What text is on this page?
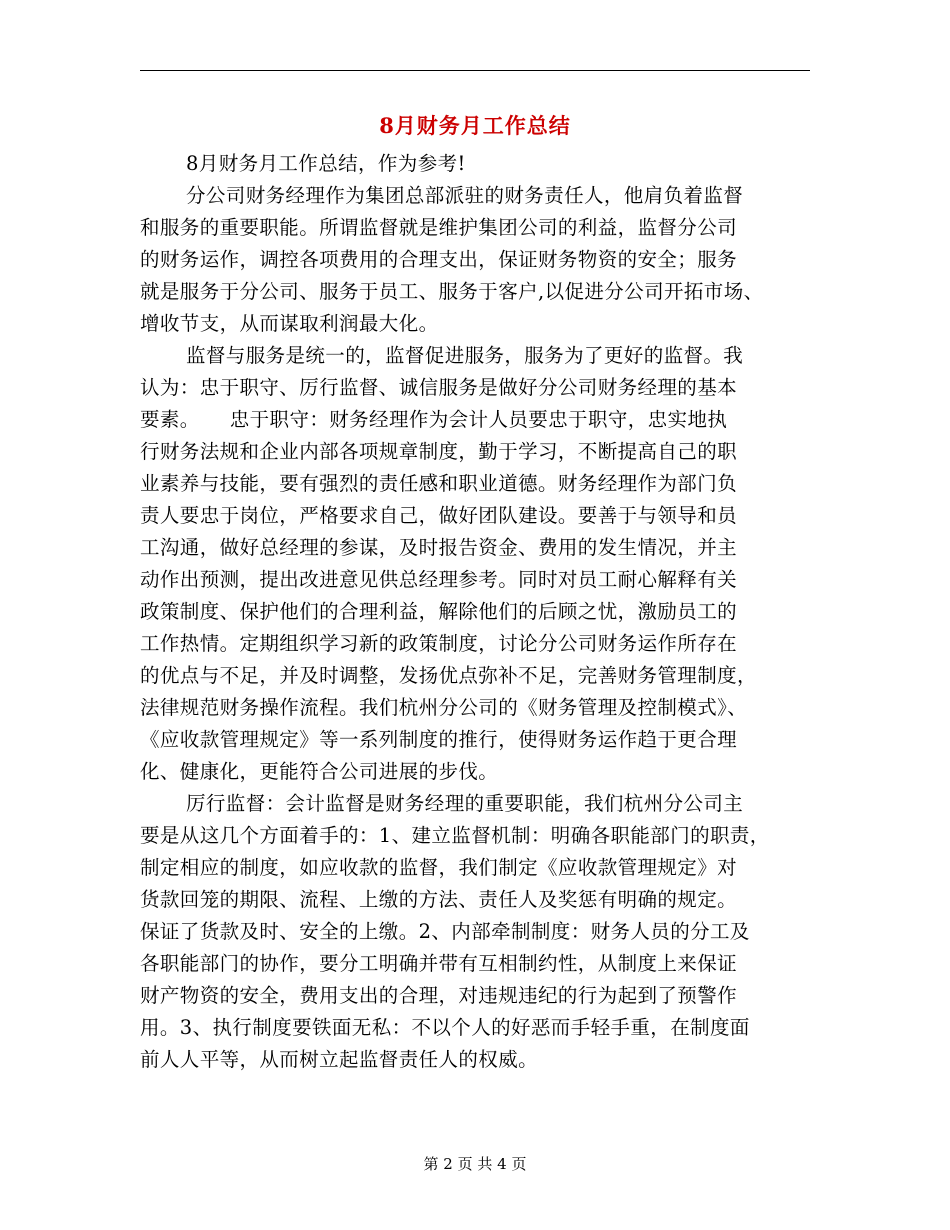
8月财务月工作总结
8月财务月工作总结，作为参考!
分公司财务经理作为集团总部派驻的财务责任人，他肩负着监督
和服务的重要职能。所谓监督就是维护集团公司的利益，监督分公司
的财务运作，调控各项费用的合理支出，保证财务物资的安全；服务
就是服务于分公司、服务于员工、服务于客户,以促进分公司开拓市场、
增收节支，从而谋取利润最大化。
监督与服务是统一的，监督促进服务，服务为了更好的监督。我
认为：忠于职守、厉行监督、诚信服务是做好分公司财务经理的基本
要素。　　忠于职守：财务经理作为会计人员要忠于职守，忠实地执
行财务法规和企业内部各项规章制度，勤于学习，不断提高自己的职
业素养与技能，要有强烈的责任感和职业道德。财务经理作为部门负
责人要忠于岗位，严格要求自己，做好团队建设。要善于与领导和员
工沟通，做好总经理的参谋，及时报告资金、费用的发生情况，并主
动作出预测，提出改进意见供总经理参考。同时对员工耐心解释有关
政策制度、保护他们的合理利益，解除他们的后顾之忧，激励员工的
工作热情。定期组织学习新的政策制度，讨论分公司财务运作所存在
的优点与不足，并及时调整，发扬优点弥补不足，完善财务管理制度，
法律规范财务操作流程。我们杭州分公司的《财务管理及控制模式》、
《应收款管理规定》等一系列制度的推行，使得财务运作趋于更合理
化、健康化，更能符合公司进展的步伐。
厉行监督：会计监督是财务经理的重要职能，我们杭州分公司主
要是从这几个方面着手的：1、建立监督机制：明确各职能部门的职责，
制定相应的制度，如应收款的监督，我们制定《应收款管理规定》对
货款回笼的期限、流程、上缴的方法、责任人及奖惩有明确的规定。
保证了货款及时、安全的上缴。2、内部牵制制度：财务人员的分工及
各职能部门的协作，要分工明确并带有互相制约性，从制度上来保证
财产物资的安全，费用支出的合理，对违规违纪的行为起到了预警作
用。3、执行制度要铁面无私：不以个人的好恶而手轻手重，在制度面
前人人平等，从而树立起监督责任人的权威。
第 2 页 共 4 页
